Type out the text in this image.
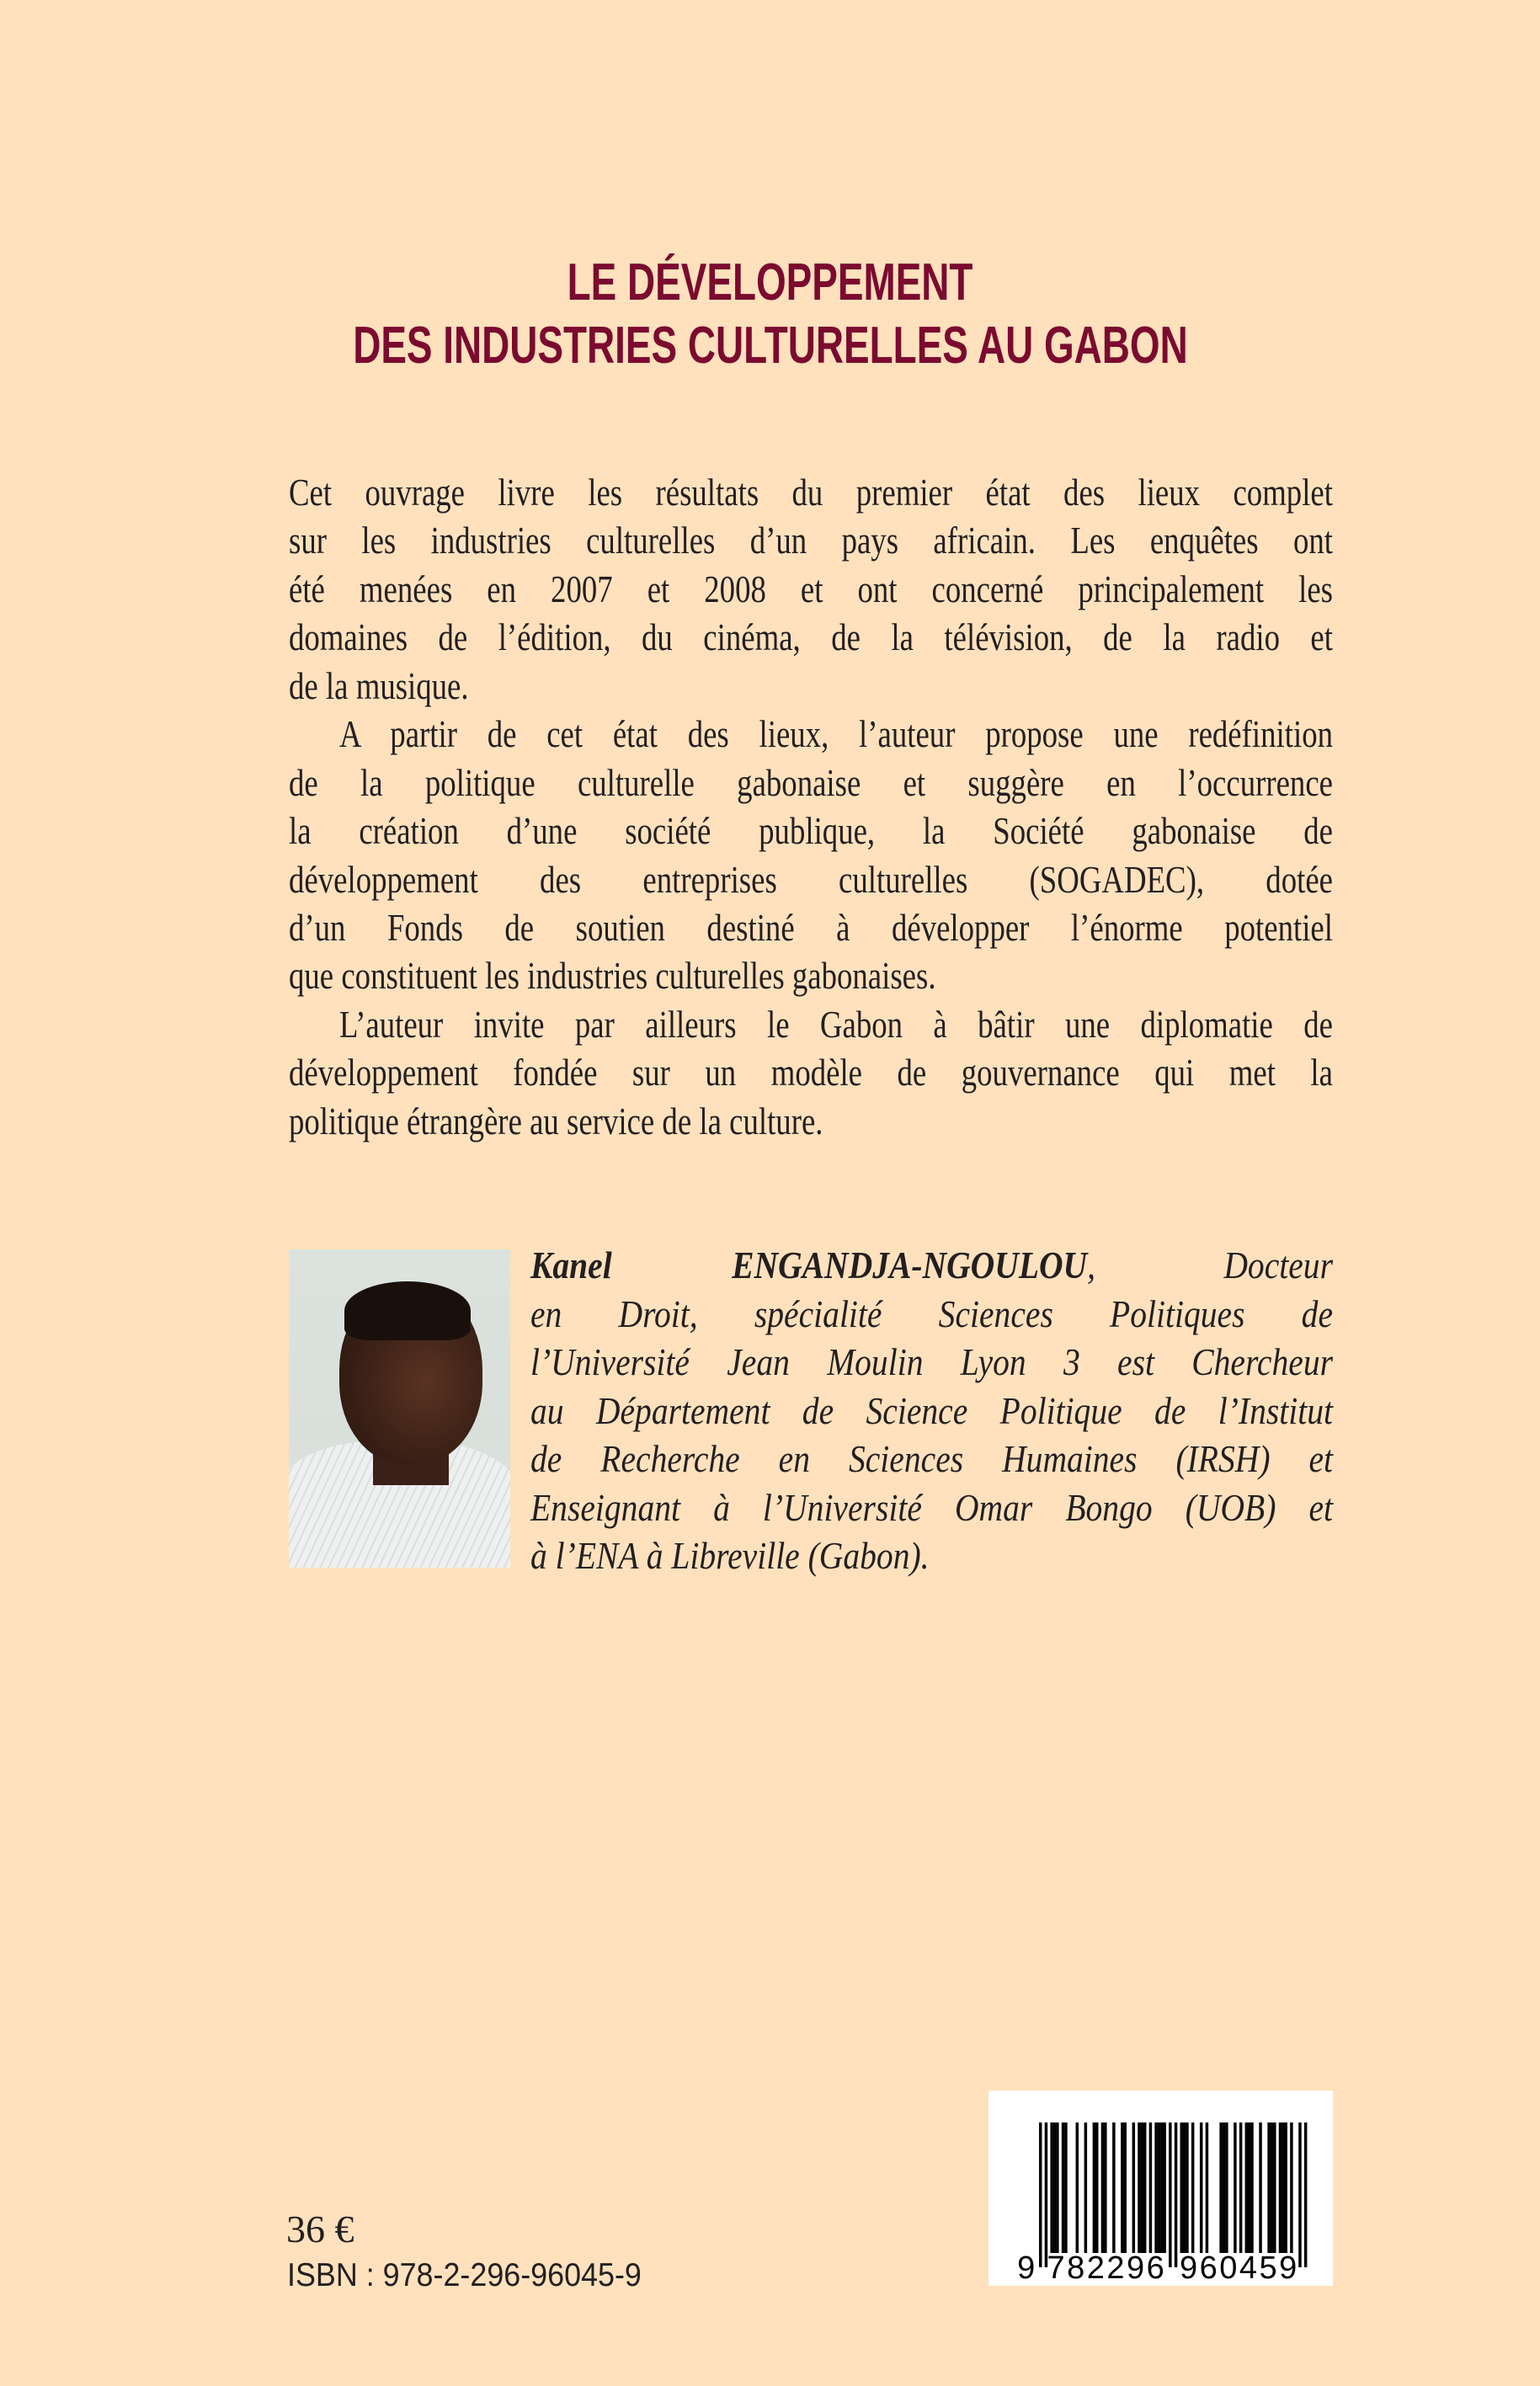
LE DÉVELOPPEMENT
DES INDUSTRIES CULTURELLES AU GABON
Cet ouvrage livre les résultats du premier état des lieux complet
sur les industries culturelles d’un pays africain. Les enquêtes ont
été menées en 2007 et 2008 et ont concerné principalement les
domaines de l’édition, du cinéma, de la télévision, de la radio et
de la musique.
A partir de cet état des lieux, l’auteur propose une redéfinition
de la politique culturelle gabonaise et suggère en l’occurrence
la création d’une société publique, la Société gabonaise de
développement des entreprises culturelles (SOGADEC), dotée
d’un Fonds de soutien destiné à développer l’énorme potentiel
que constituent les industries culturelles gabonaises.
L’auteur invite par ailleurs le Gabon à bâtir une diplomatie de
développement fondée sur un modèle de gouvernance qui met la
politique étrangère au service de la culture.
Kanel	ENGANDJA-NGOULOU, Docteur
en Droit, spécialité Sciences Politiques de
l’Université Jean Moulin Lyon 3 est Chercheur
au Département de Science Politique de l’Institut
de Recherche en Sciences Humaines (IRSH) et
Enseignant à l’Université Omar Bongo (UOB) et
à l’ENA à Libreville (Gabon).
36 €
ISBN : 978-2-296-96045-9	9 782296 960459
